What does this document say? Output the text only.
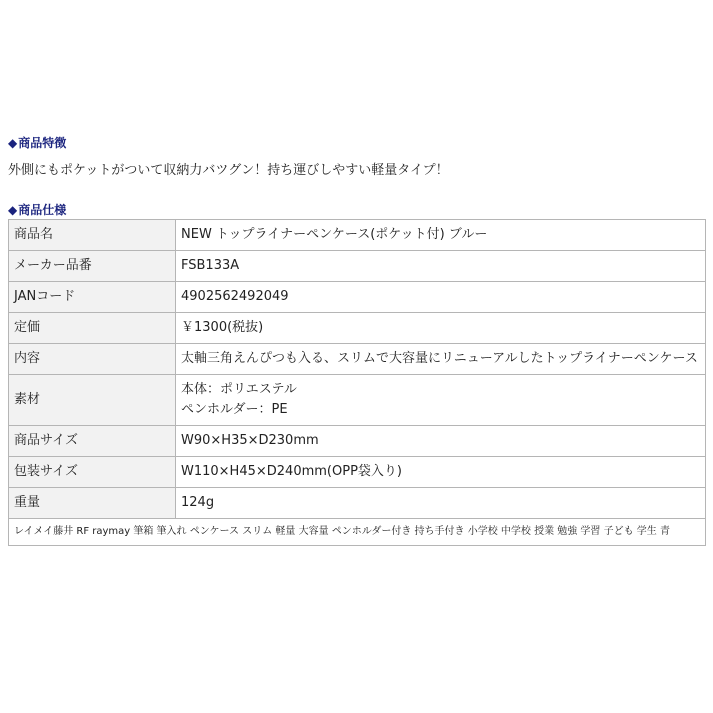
◆商品特徴
外側にもポケットがついて収納力バツグン！持ち運びしやすい軽量タイプ！
◆商品仕様
商品名	NEW トップライナーペンケース(ポケット付) ブルー
メーカー品番	FSB133A
JANコード	4902562492049
定価	￥1300(税抜)
内容	太軸三角えんぴつも入る、スリムで大容量にリニューアルしたトップライナーペンケース
素材	本体：ポリエステル
ペンホルダー：PE

商品サイズ	W90×H35×D230mm
包装サイズ	W110×H45×D240mm(OPP袋入り)
重量	124g
レイメイ藤井 RF raymay 筆箱 筆入れ ペンケース スリム 軽量 大容量 ペンホルダー付き 持ち手付き 小学校 中学校 授業 勉強 学習 子ども 学生 青	
